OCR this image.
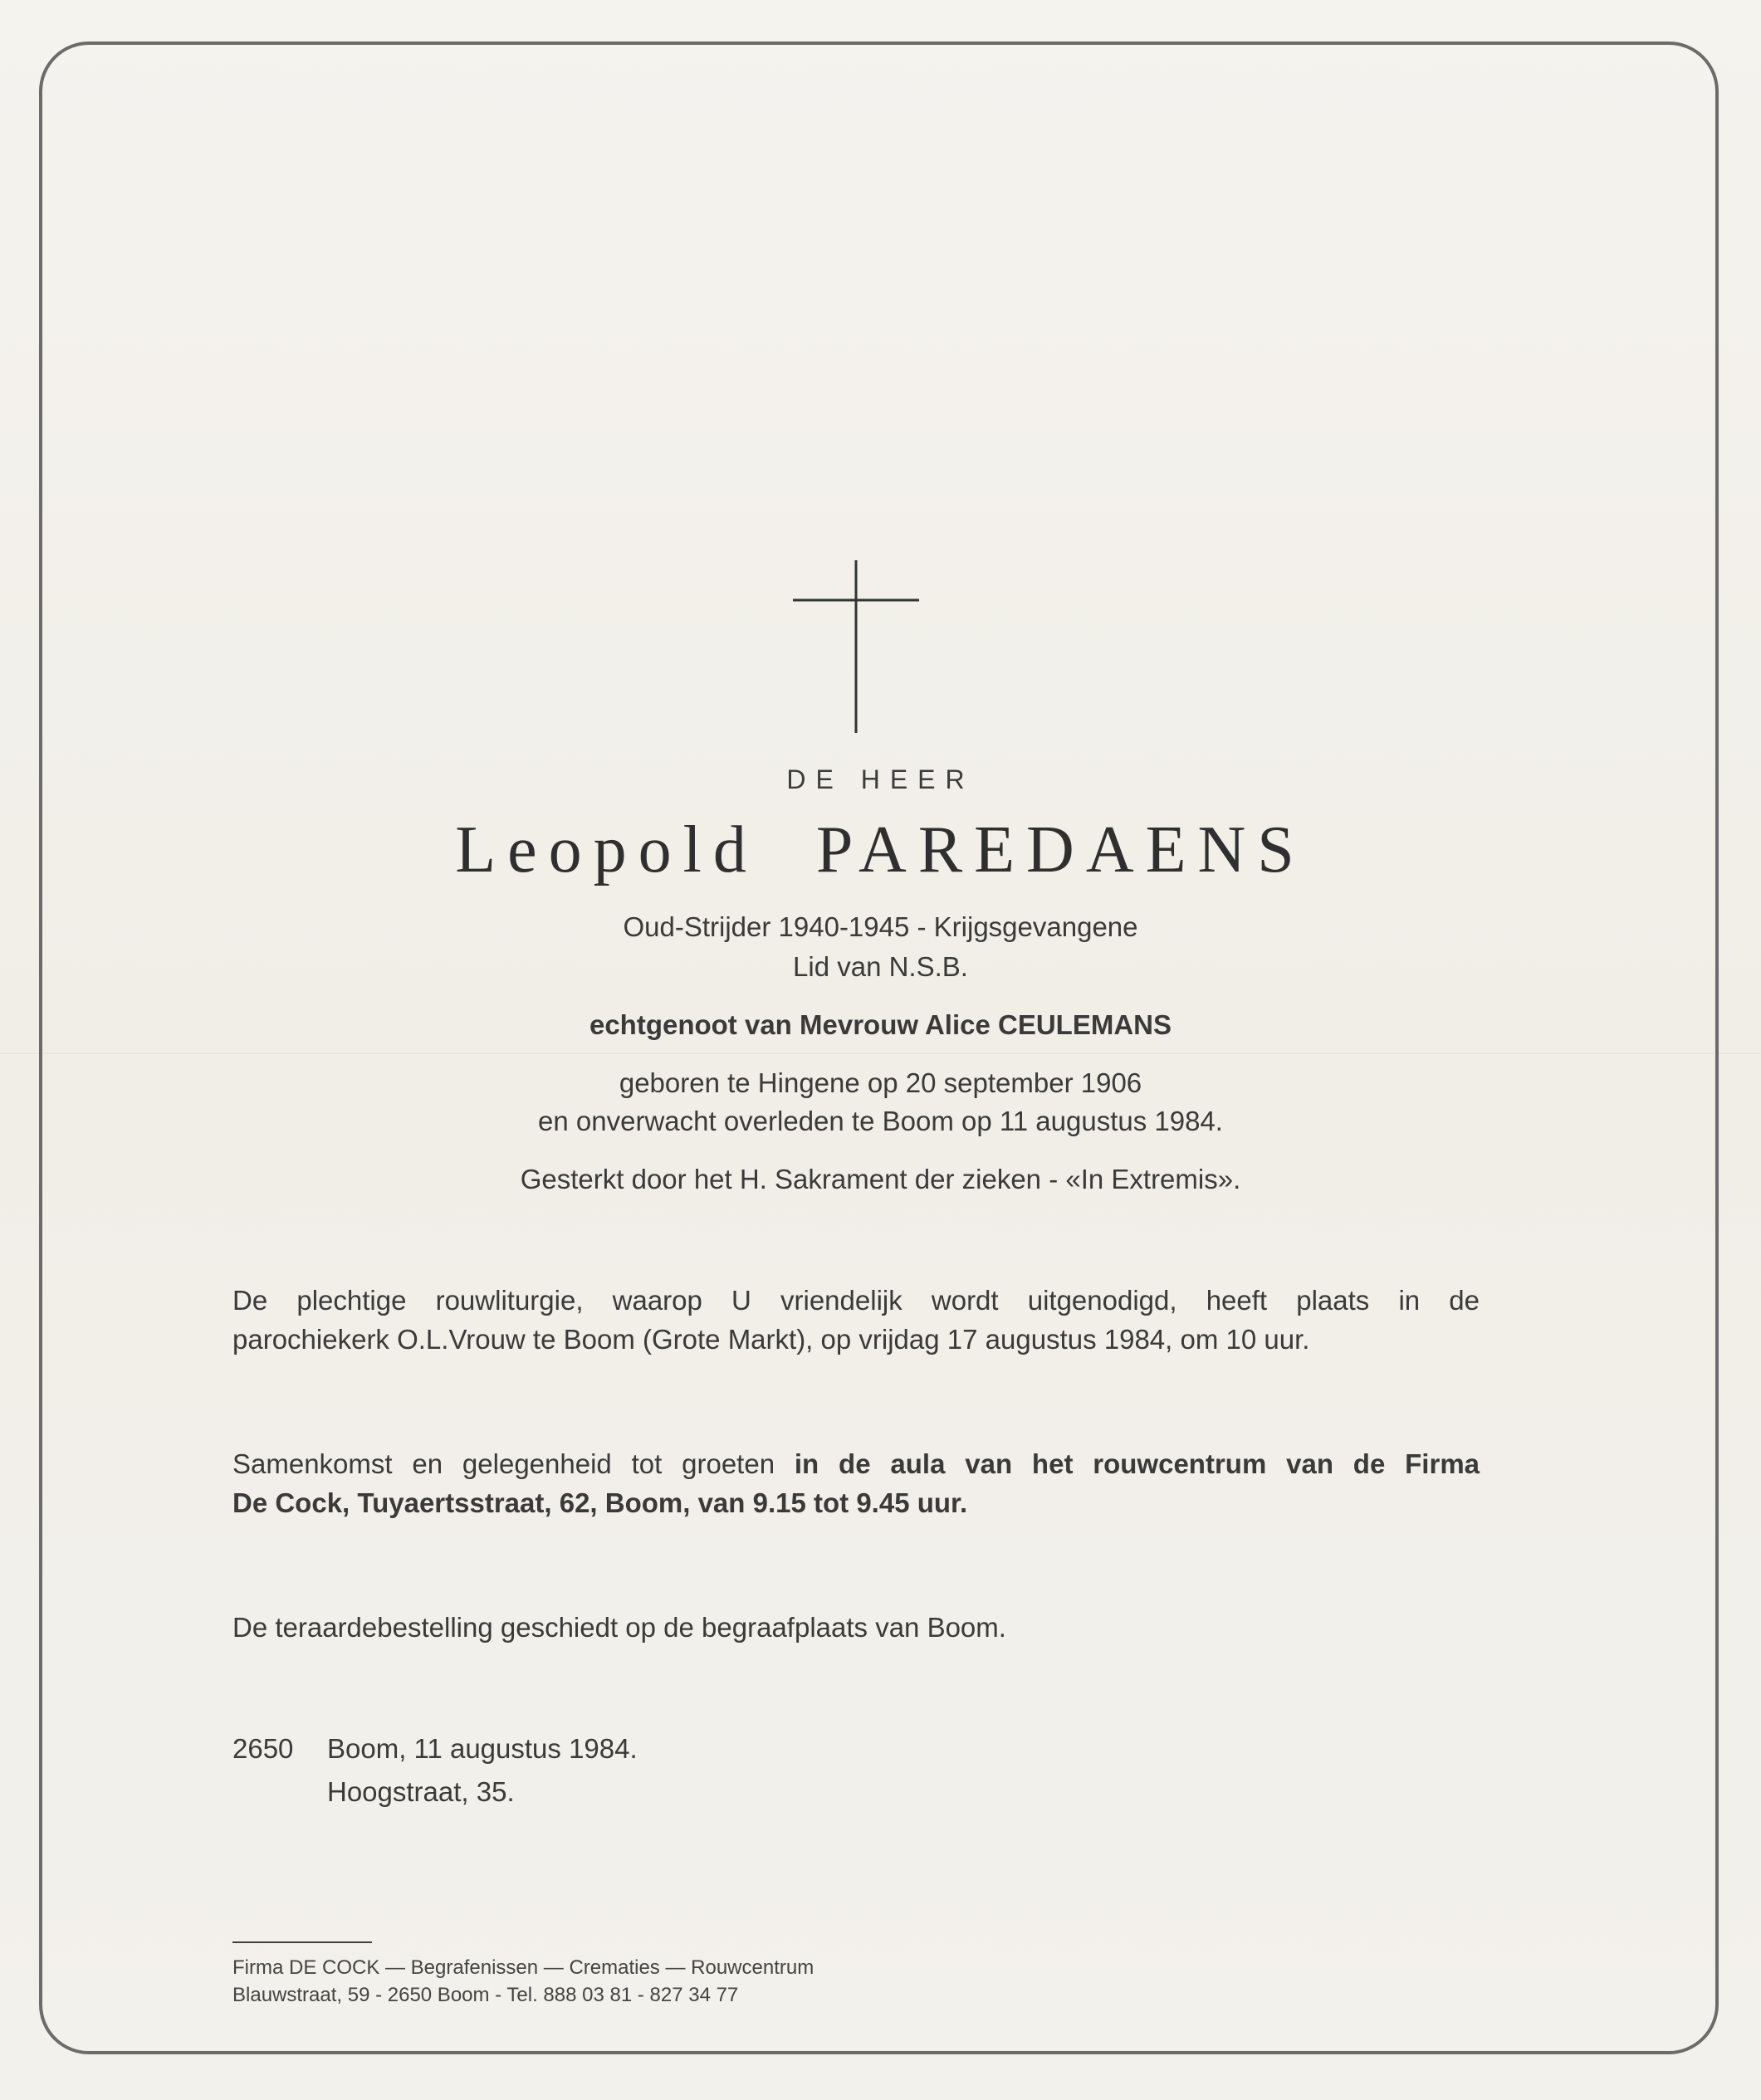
DE HEER
Leopold PAREDAENS
Oud-Strijder 1940-1945 - Krijgsgevangene
Lid van N.S.B.
echtgenoot van Mevrouw Alice CEULEMANS
geboren te Hingene op 20 september 1906
en onverwacht overleden te Boom op 11 augustus 1984.
Gesterkt door het H. Sakrament der zieken - «In Extremis».
De plechtige rouwliturgie, waarop U vriendelijk wordt uitgenodigd, heeft plaats in de
parochiekerk O.L.Vrouw te Boom (Grote Markt), op vrijdag 17 augustus 1984, om 10 uur.
Samenkomst en gelegenheid tot groeten in de aula van het rouwcentrum van de Firma
De Cock, Tuyaertsstraat, 62, Boom, van 9.15 tot 9.45 uur.
De teraardebestelling geschiedt op de begraafplaats van Boom.
2650 Boom, 11 augustus 1984.
Hoogstraat, 35.
Firma DE COCK — Begrafenissen — Crematies — Rouwcentrum
Blauwstraat, 59 - 2650 Boom - Tel. 888 03 81 - 827 34 77
